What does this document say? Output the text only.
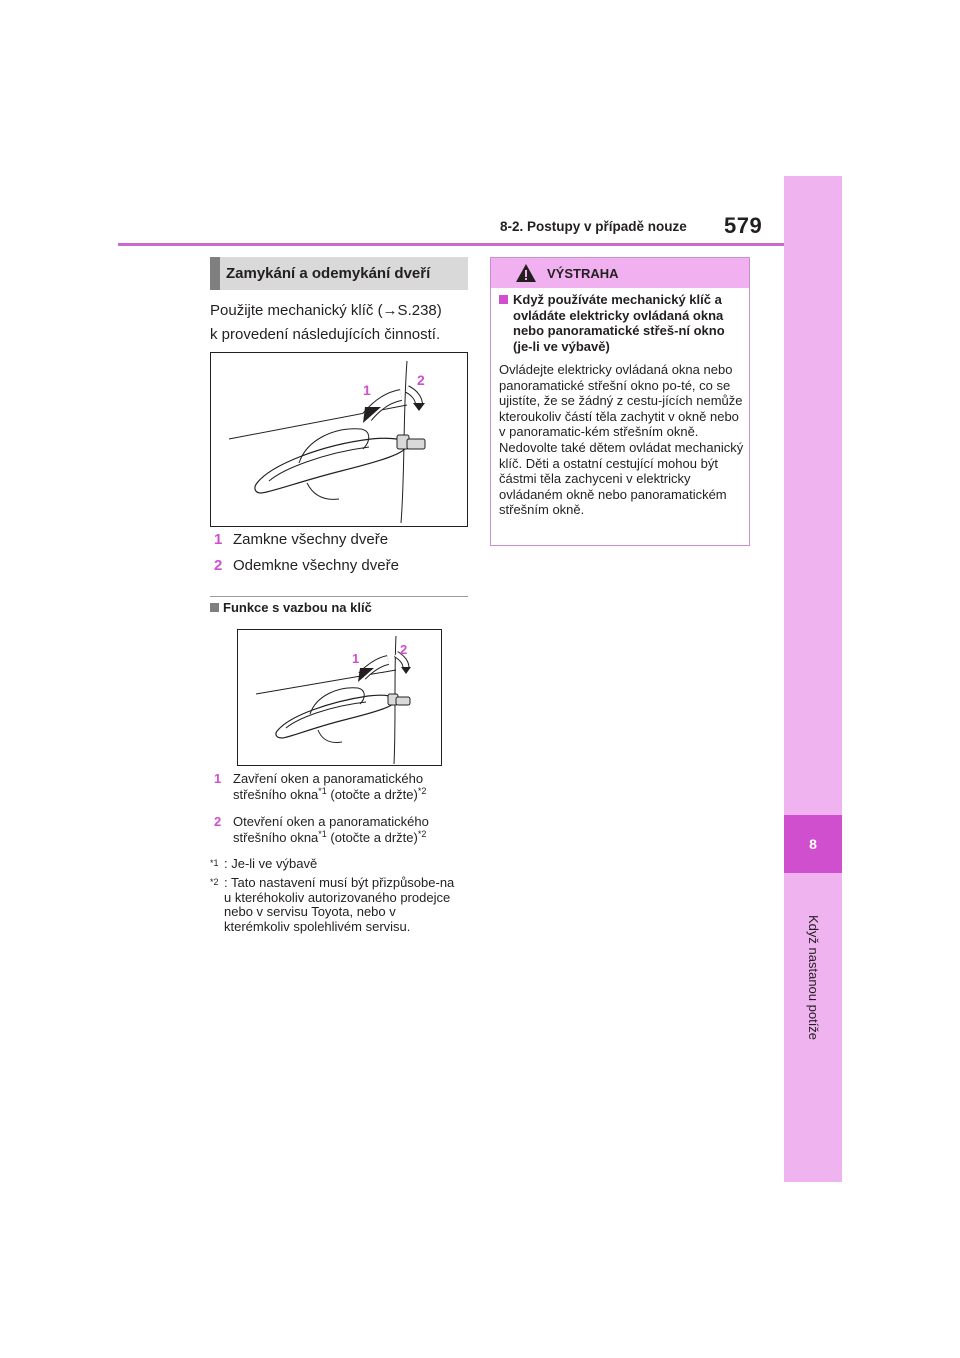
8
Když nastanou potíže
8-2. Postupy v případě nouze 579
Zamykání a odemykání dveří
Použijte mechanický klíč (→S.238)
k provedení následujících činností.
1
2
1 Zamkne všechny dveře
2 Odemkne všechny dveře
Funkce s vazbou na klíč
1
2
1 Zavření oken a panoramatického
střešního okna$^{*1}$ (otočte a držte)$^{*2}$
2 Otevření oken a panoramatického
střešního okna$^{*1}$ (otočte a držte)$^{*2}$
*1 : Je-li ve výbavě
*2 : Tato nastavení musí být přizpůsobe-na u kteréhokoliv autorizovaného prodejce nebo v servisu Toyota, nebo v kterémkoliv spolehlivém servisu.
VÝSTRAHA
Když používáte mechanický klíč a ovládáte elektricky ovládaná okna nebo panoramatické střeš-ní okno (je-li ve výbavě)
Ovládejte elektricky ovládaná okna nebo panoramatické střešní okno po-té, co se ujistíte, že se žádný z cestu-jících nemůže kteroukoliv částí těla zachytit v okně nebo v panoramatic-kém střešním okně. Nedovolte také dětem ovládat mechanický klíč. Děti a ostatní cestující mohou být částmi těla zachyceni v elektricky ovládaném okně nebo panoramatickém střešním okně.
